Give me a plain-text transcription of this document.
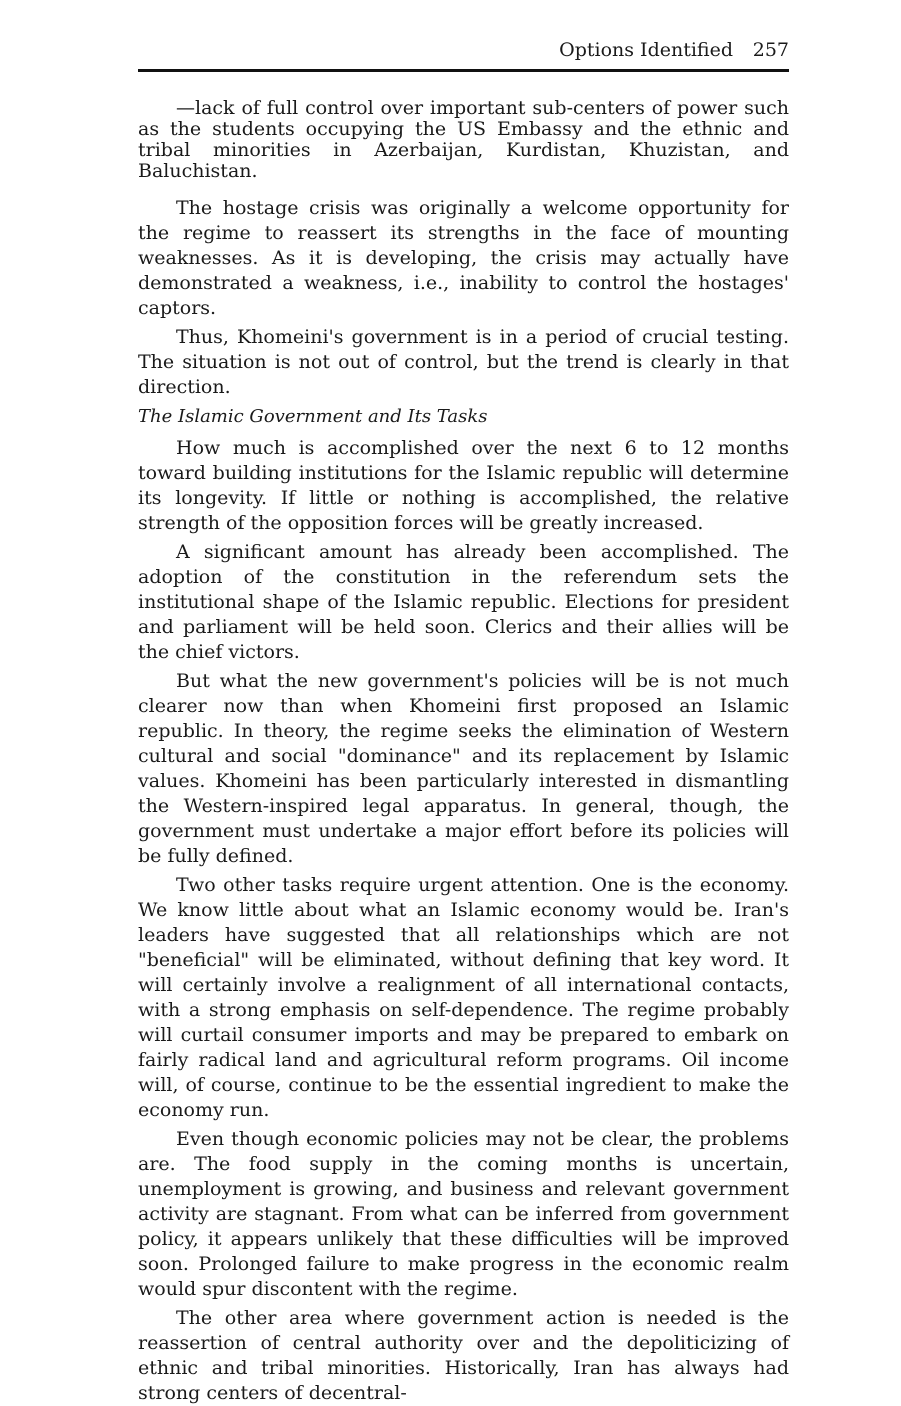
Options Identified 257

—lack of full control over important sub-centers of power such as the students occupying the US Embassy and the ethnic and tribal minorities in Azerbaijan, Kurdistan, Khuzistan, and Baluchistan.

The hostage crisis was originally a welcome opportunity for the regime to reassert its strengths in the face of mounting weaknesses. As it is developing, the crisis may actually have demonstrated a weakness, i.e., inability to control the hostages' captors.

Thus, Khomeini's government is in a period of crucial testing. The situation is not out of control, but the trend is clearly in that direction.

The Islamic Government and Its Tasks

How much is accomplished over the next 6 to 12 months toward building institutions for the Islamic republic will determine its longevity. If little or nothing is accomplished, the relative strength of the opposition forces will be greatly increased.

A significant amount has already been accomplished. The adoption of the constitution in the referendum sets the institutional shape of the Islamic republic. Elections for president and parliament will be held soon. Clerics and their allies will be the chief victors.

But what the new government's policies will be is not much clearer now than when Khomeini first proposed an Islamic republic. In theory, the regime seeks the elimination of Western cultural and social "dominance" and its replacement by Islamic values. Khomeini has been particularly interested in dismantling the Western-inspired legal apparatus. In general, though, the government must undertake a major effort before its policies will be fully defined.

Two other tasks require urgent attention. One is the economy. We know little about what an Islamic economy would be. Iran's leaders have suggested that all relationships which are not "beneficial" will be eliminated, without defining that key word. It will certainly involve a realignment of all international contacts, with a strong emphasis on self-dependence. The regime probably will curtail consumer imports and may be prepared to embark on fairly radical land and agricultural reform programs. Oil income will, of course, continue to be the essential ingredient to make the economy run.

Even though economic policies may not be clear, the problems are. The food supply in the coming months is uncertain, unemployment is growing, and business and relevant government activity are stagnant. From what can be inferred from government policy, it appears unlikely that these difficulties will be improved soon. Prolonged failure to make progress in the economic realm would spur discontent with the regime.

The other area where government action is needed is the reassertion of central authority over and the depoliticizing of ethnic and tribal minorities. Historically, Iran has always had strong centers of decentral-
